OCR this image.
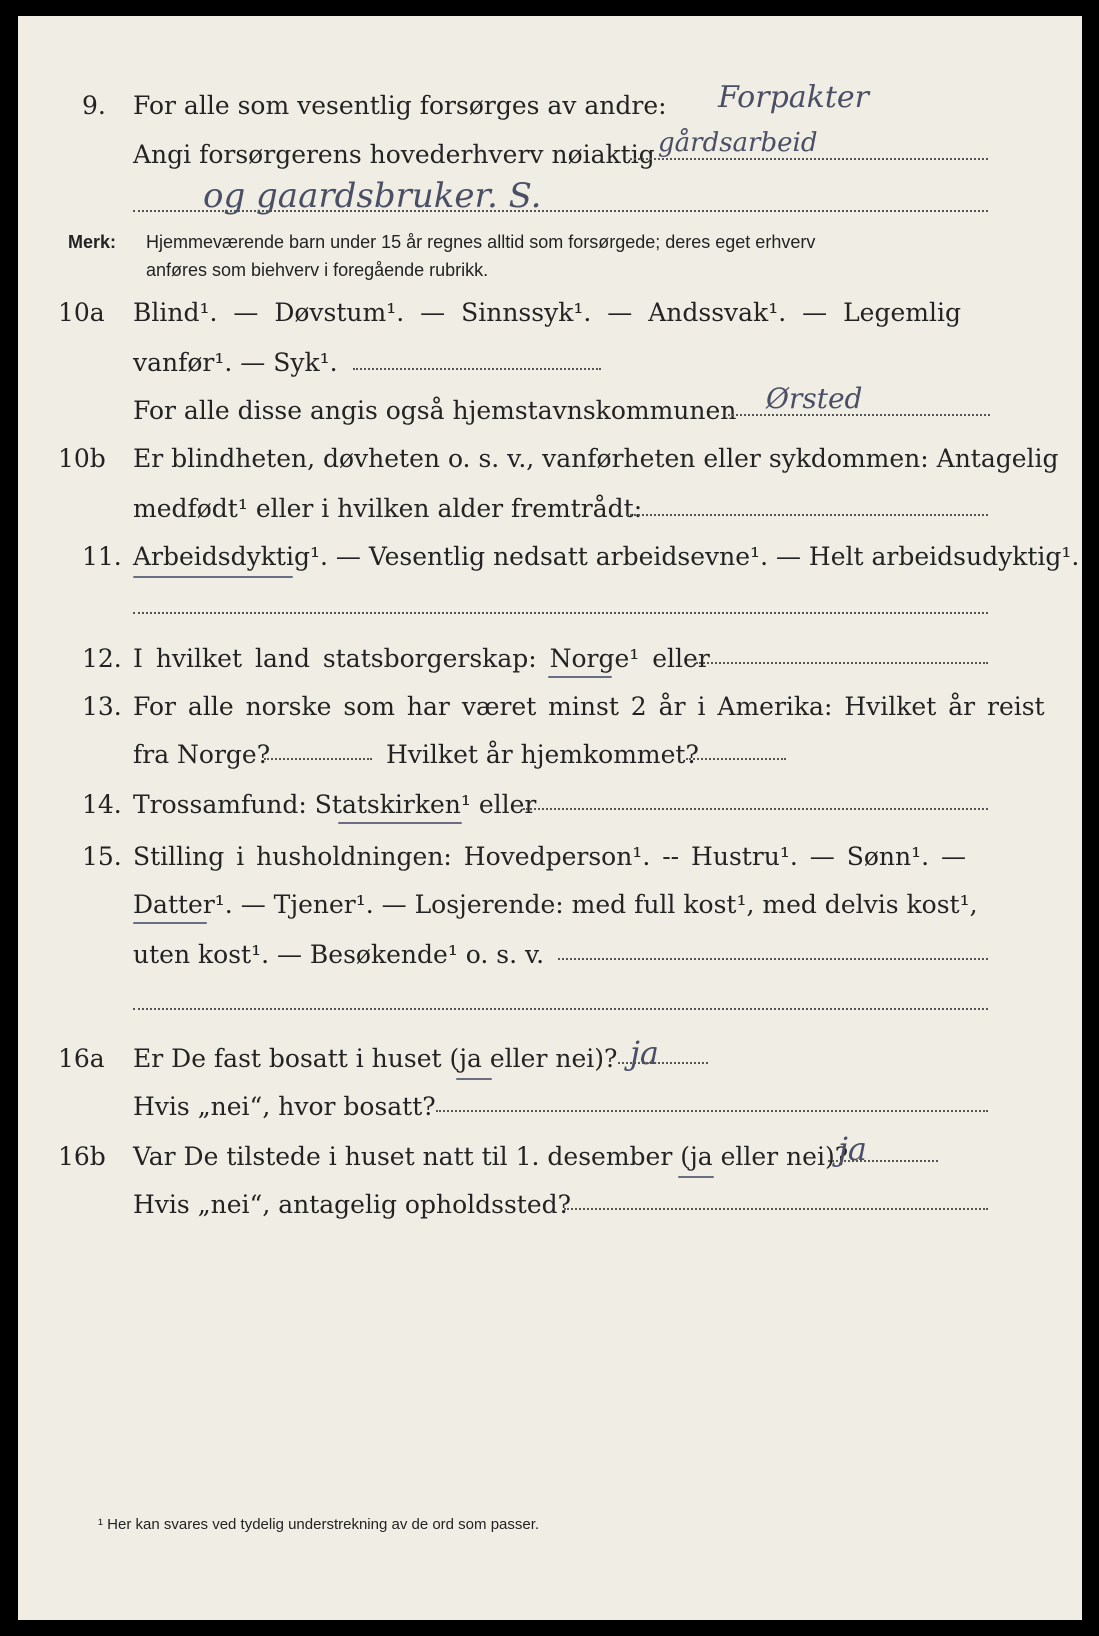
9. For alle som vesentlig forsørges av andre: Forpakter
Angi forsørgerens hovederhverv nøiaktig gårdsarbeid
og gaardsbruker. S.
Merk: Hjemmeværende barn under 15 år regnes alltid som forsørgede; deres eget erhverv
anføres som biehverv i foregående rubrikk.
10a Blind¹. — Døvstum¹. — Sinnssyk¹. — Andssvak¹. — Legemlig
vanfør¹. — Syk¹.
For alle disse angis også hjemstavnskommunen Ørsted
10b Er blindheten, døvheten o. s. v., vanførheten eller sykdommen: Antagelig
medfødt¹ eller i hvilken alder fremtrådt:
11. Arbeidsdyktig¹. — Vesentlig nedsatt arbeidsevne¹. — Helt arbeidsudyktig¹.
12. I hvilket land statsborgerskap: Norge¹ eller
13. For alle norske som har været minst 2 år i Amerika: Hvilket år reist
fra Norge?	Hvilket år hjemkommet?
14. Trossamfund: Statskirken¹ eller
15. Stilling i husholdningen: Hovedperson¹. -- Hustru¹. — Sønn¹. —
Datter¹. — Tjener¹. — Losjerende: med full kost¹, med delvis kost¹,
uten kost¹. — Besøkende¹ o. s. v.
16a Er De fast bosatt i huset (ja eller nei)? ja
Hvis „nei“, hvor bosatt?
16b Var De tilstede i huset natt til 1. desember (ja eller nei)?
ja
Hvis „nei“, antagelig opholdssted?
¹ Her kan svares ved tydelig understrekning av de ord som passer.
